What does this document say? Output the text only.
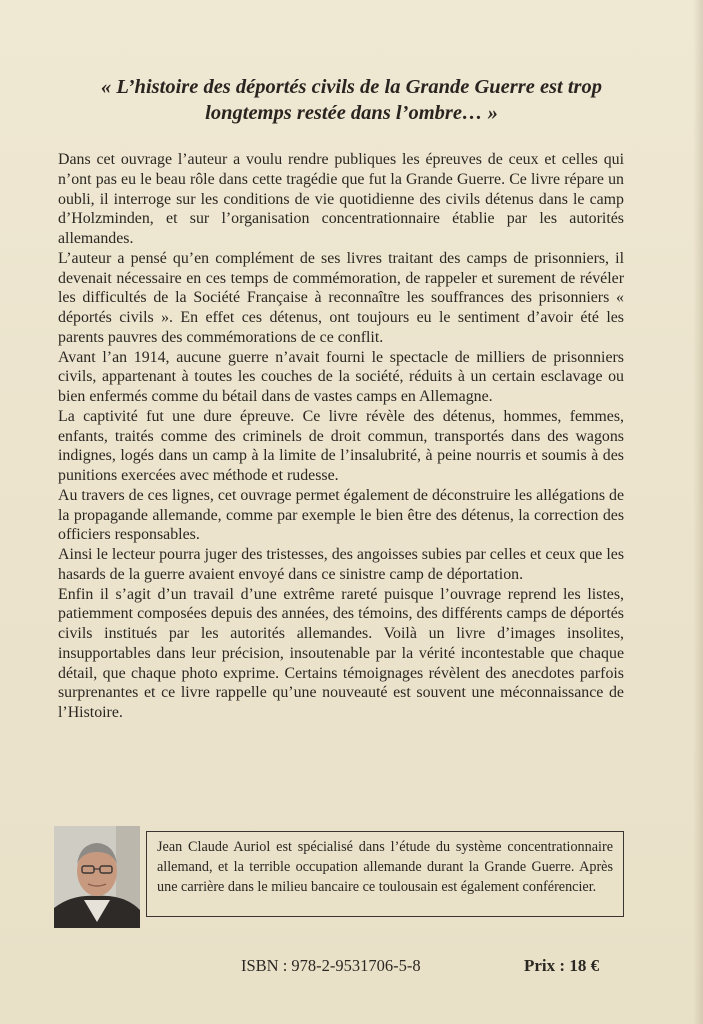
« L’histoire des déportés civils de la Grande Guerre est trop
longtemps restée dans l’ombre… »

Dans cet ouvrage l’auteur a voulu rendre publiques les épreuves de ceux et celles qui n’ont pas eu le beau rôle dans cette tragédie que fut la Grande Guerre. Ce livre répare un oubli, il interroge sur les conditions de vie quotidienne des civils détenus dans le camp d’Holzminden, et sur l’organisation concentrationnaire établie par les autorités allemandes.

L’auteur a pensé qu’en complément de ses livres traitant des camps de prisonniers, il devenait nécessaire en ces temps de commémoration, de rappeler et surement de révéler les difficultés de la Société Française à reconnaître les souffrances des prisonniers « déportés civils ». En effet ces détenus, ont toujours eu le sentiment d’avoir été les parents pauvres des commémorations de ce conflit.

Avant l’an 1914, aucune guerre n’avait fourni le spectacle de milliers de prisonniers civils, appartenant à toutes les couches de la société, réduits à un certain esclavage ou bien enfermés comme du bétail dans de vastes camps en Allemagne.

La captivité fut une dure épreuve. Ce livre révèle des détenus, hommes, femmes, enfants, traités comme des criminels de droit commun, transportés dans des wagons indignes, logés dans un camp à la limite de l’insalubrité, à peine nourris et soumis à des punitions exercées avec méthode et rudesse.

Au travers de ces lignes, cet ouvrage permet également de déconstruire les allégations de la propagande allemande, comme par exemple le bien être des détenus, la correction des officiers responsables.

Ainsi le lecteur pourra juger des tristesses, des angoisses subies par celles et ceux que les hasards de la guerre avaient envoyé dans ce sinistre camp de déportation.

Enfin il s’agit d’un travail d’une extrême rareté puisque l’ouvrage reprend les listes, patiemment composées depuis des années, des témoins, des différents camps de déportés civils institués par les autorités allemandes. Voilà un livre d’images insolites, insupportables dans leur précision, insoutenable par la vérité incontestable que chaque détail, que chaque photo exprime. Certains témoignages révèlent des anecdotes parfois surprenantes et ce livre rappelle qu’une nouveauté est souvent une méconnaissance de l’Histoire.

Jean Claude Auriol est spécialisé dans l’étude du système concentrationnaire allemand, et la terrible occupation allemande durant la Grande Guerre. Après une carrière dans le milieu bancaire ce toulousain est également conférencier.
ISBN : 978-2-9531706-5-8	Prix : 18 €
